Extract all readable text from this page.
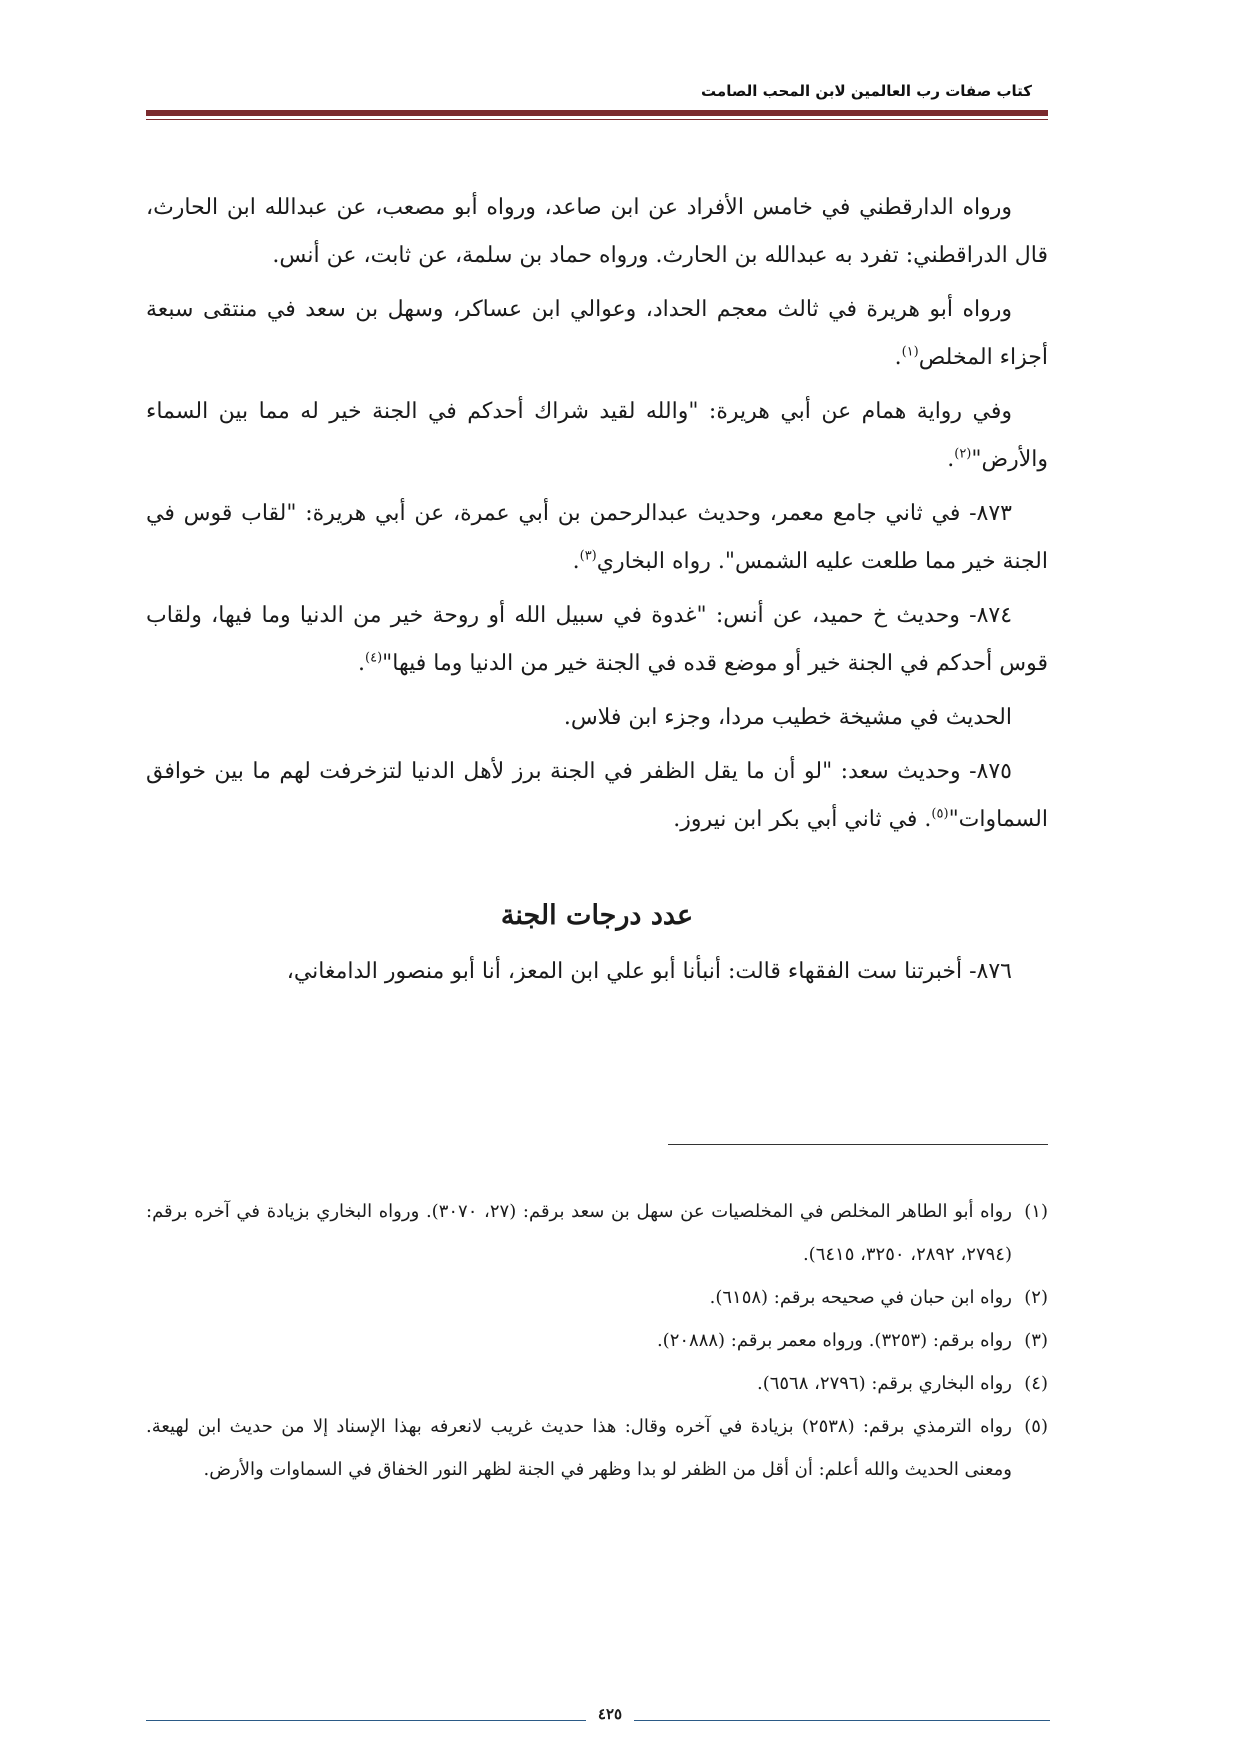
كتاب صفات رب العالمين لابن المحب الصامت

ورواه الدارقطني في خامس الأفراد عن ابن صاعد، ورواه أبو مصعب، عن عبدالله ابن الحارث، قال الدراقطني: تفرد به عبدالله بن الحارث. ورواه حماد بن سلمة، عن ثابت، عن أنس.

ورواه أبو هريرة في ثالث معجم الحداد، وعوالي ابن عساكر، وسهل بن سعد في منتقى سبعة أجزاء المخلص$^{(١)}$.

وفي رواية همام عن أبي هريرة: "والله لقيد شراك أحدكم في الجنة خير له مما بين السماء والأرض"$^{(٢)}$.

٨٧٣- في ثاني جامع معمر، وحديث عبدالرحمن بن أبي عمرة، عن أبي هريرة: "لقاب قوس في الجنة خير مما طلعت عليه الشمس". رواه البخاري$^{(٣)}$.

٨٧٤- وحديث خ حميد، عن أنس: "غدوة في سبيل الله أو روحة خير من الدنيا وما فيها، ولقاب قوس أحدكم في الجنة خير أو موضع قده في الجنة خير من الدنيا وما فيها"$^{(٤)}$.

الحديث في مشيخة خطيب مردا، وجزء ابن فلاس.

٨٧٥- وحديث سعد: "لو أن ما يقل الظفر في الجنة برز لأهل الدنيا لتزخرفت لهم ما بين خوافق السماوات"$^{(٥)}$. في ثاني أبي بكر ابن نيروز.

عدد درجات الجنة

٨٧٦- أخبرتنا ست الفقهاء قالت: أنبأنا أبو علي ابن المعز، أنا أبو منصور الدامغاني،

(١)
رواه أبو الطاهر المخلص في المخلصيات عن سهل بن سعد برقم: (٢٧، ٣٠٧٠). ورواه البخاري بزيادة في آخره برقم: (٢٧٩٤، ٢٨٩٢، ٣٢٥٠، ٦٤١٥).

(٢)
رواه ابن حبان في صحيحه برقم: (٦١٥٨).

(٣)
رواه برقم: (٣٢٥٣). ورواه معمر برقم: (٢٠٨٨٨).

(٤)
رواه البخاري برقم: (٢٧٩٦، ٦٥٦٨).

(٥)
رواه الترمذي برقم: (٢٥٣٨) بزيادة في آخره وقال: هذا حديث غريب لانعرفه بهذا الإسناد إلا من حديث ابن لهيعة. ومعنى الحديث والله أعلم: أن أقل من الظفر لو بدا وظهر في الجنة لظهر النور الخفاق في السماوات والأرض.

٤٢٥
